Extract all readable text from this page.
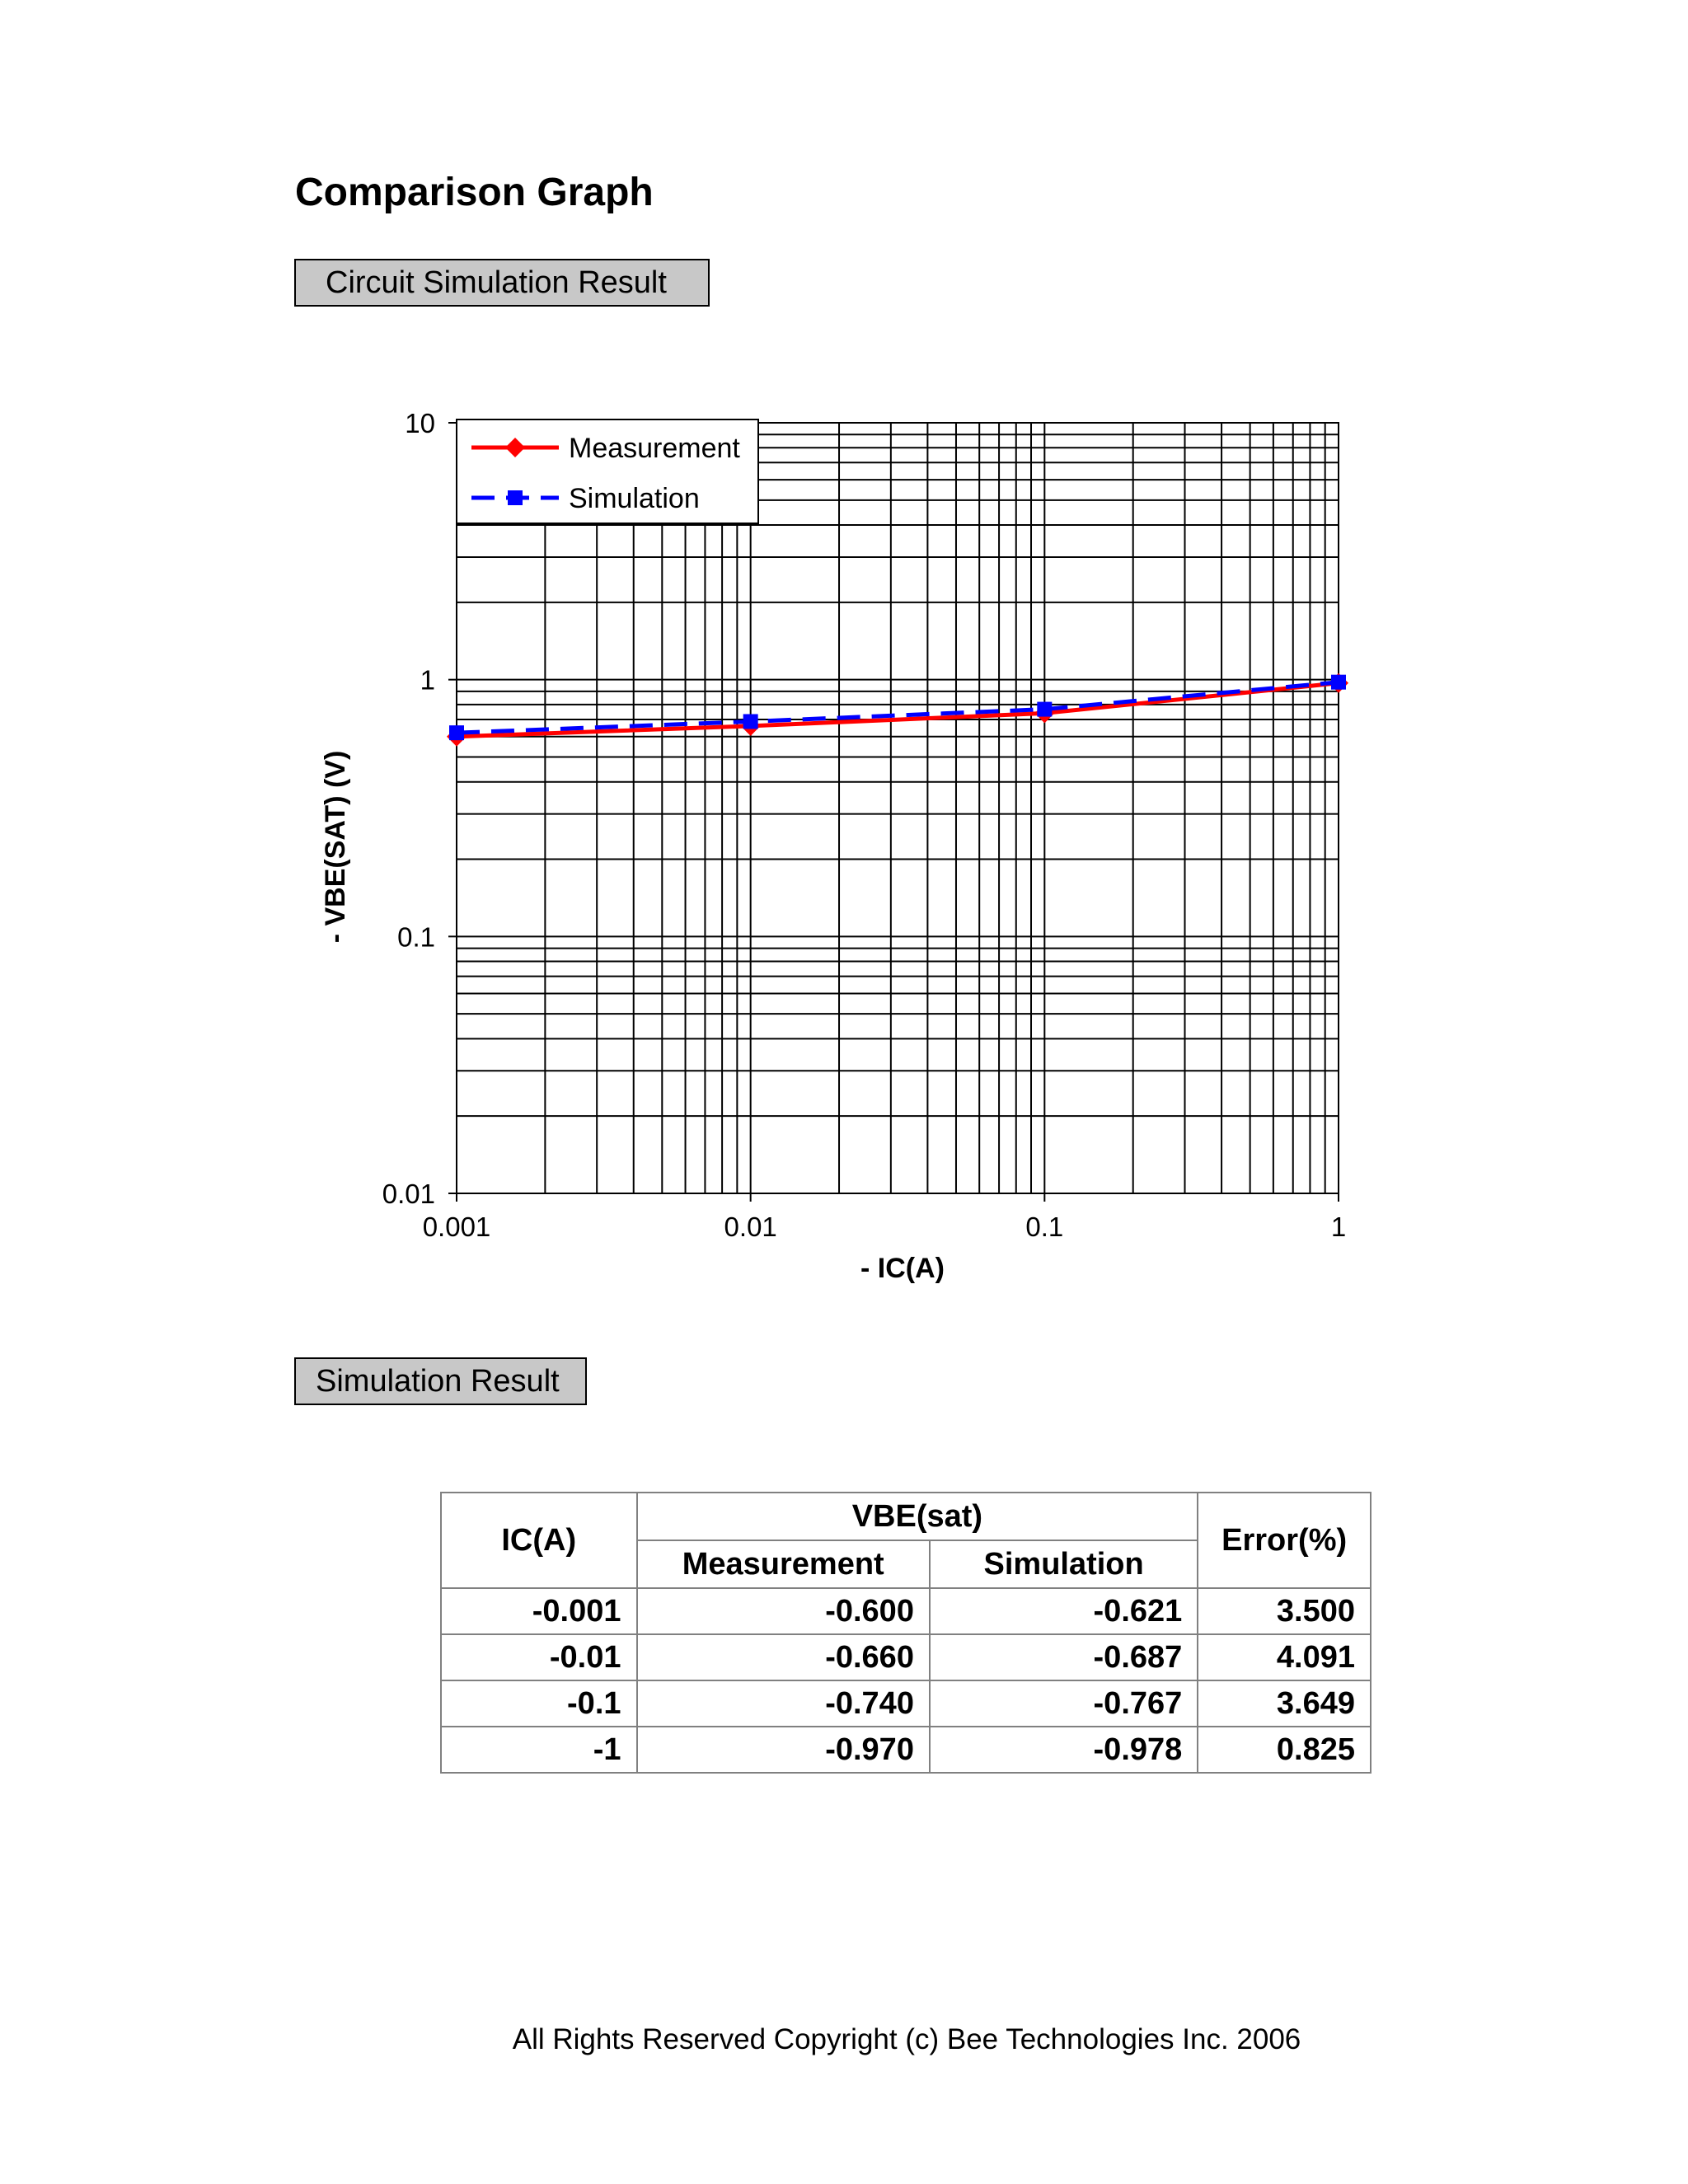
Comparison Graph
Circuit Simulation Result
0.01
0.1
1
10
0.001	0.01	0.1	1
- IC(A)
- VBE(SAT) (V)
Measurement
Simulation
Simulation Result
IC(A)	VBE(sat)		Error(%)
	Measurement	Simulation	
-0.001	-0.600	-0.621	3.500
-0.01	-0.660	-0.687	4.091
-0.1	-0.740	-0.767	3.649
-1	-0.970	-0.978	0.825
All Rights Reserved Copyright (c) Bee Technologies Inc. 2006
